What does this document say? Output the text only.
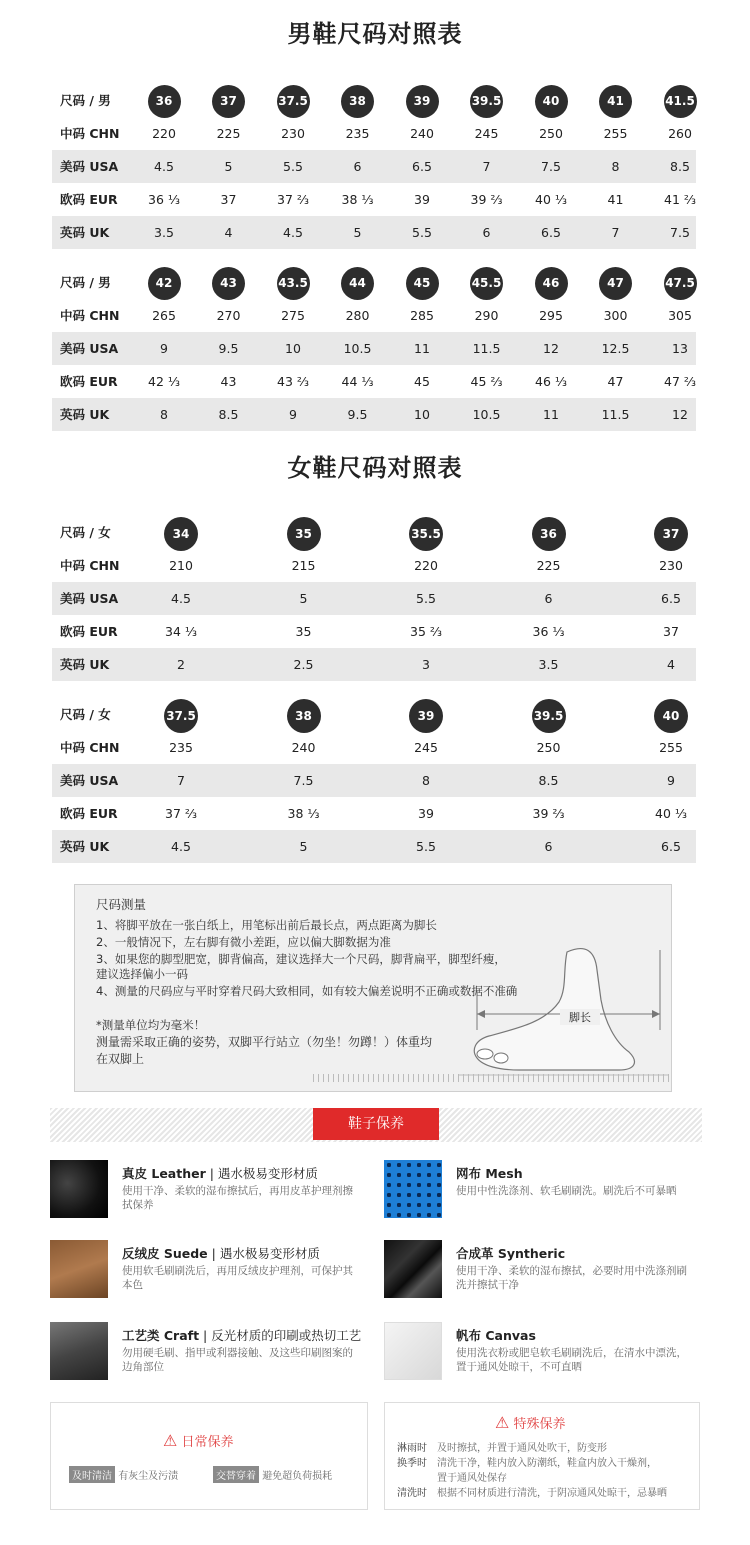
男鞋尺码对照表
尺码 / 男	36	37	37.5	38	39	39.5	40	41	41.5
中码 CHN	220	225	230	235	240	245	250	255	260
美码 USA	4.5	5	5.5	6	6.5	7	7.5	8	8.5
欧码 EUR	36 ⅓	37	37 ⅔	38 ⅓	39	39 ⅔	40 ⅓	41	41 ⅔
英码 UK	3.5	4	4.5	5	5.5	6	6.5	7	7.5
尺码 / 男	42	43	43.5	44	45	45.5	46	47	47.5
中码 CHN	265	270	275	280	285	290	295	300	305
美码 USA	9	9.5	10	10.5	11	11.5	12	12.5	13
欧码 EUR	42 ⅓	43	43 ⅔	44 ⅓	45	45 ⅔	46 ⅓	47	47 ⅔
英码 UK	8	8.5	9	9.5	10	10.5	11	11.5	12
女鞋尺码对照表
尺码 / 女	34	35	35.5	36	37
中码 CHN	210	215	220	225	230
美码 USA	4.5	5	5.5	6	6.5
欧码 EUR	34 ⅓	35	35 ⅔	36 ⅓	37
英码 UK	2	2.5	3	3.5	4
尺码 / 女	37.5	38	39	39.5	40
中码 CHN	235	240	245	250	255
美码 USA	7	7.5	8	8.5	9
欧码 EUR	37 ⅔	38 ⅓	39	39 ⅔	40 ⅓
英码 UK	4.5	5	5.5	6	6.5
尺码测量
1、将脚平放在一张白纸上，用笔标出前后最长点，两点距离为脚长
2、一般情况下，左右脚有微小差距，应以偏大脚数据为准
3、如果您的脚型肥宽，脚背偏高，建议选择大一个尺码，脚背扁平，脚型纤瘦，
建议选择偏小一码
4、测量的尺码应与平时穿着尺码大致相同，如有较大偏差说明不正确或数据不准确
*测量单位均为毫米！
测量需采取正确的姿势，双脚平行站立（勿坐！勿蹲！）体重均
在双脚上
脚长
鞋子保养
真皮 Leather | 遇水极易变形材质
使用干净、柔软的湿布擦拭后，再用皮革护理剂擦拭保养
网布 Mesh
使用中性洗涤剂、软毛刷刷洗。刷洗后不可暴晒
反绒皮 Suede | 遇水极易变形材质
使用软毛刷刷洗后，再用反绒皮护理剂，可保护其本色
合成革 Syntheric
使用干净、柔软的湿布擦拭，必要时用中洗涤剂刷洗并擦拭干净
工艺类 Craft | 反光材质的印刷或热切工艺
勿用硬毛刷、指甲或利器接触、及这些印刷图案的边角部位
帆布 Canvas
使用洗衣粉或肥皂软毛刷刷洗后，在清水中漂洗，置于通风处晾干，不可直晒
⚠ 日常保养
及时清洁 有灰尘及污渍	交替穿着 避免超负荷损耗
⚠ 特殊保养
淋雨时 及时擦拭，并置于通风处吹干，防变形
换季时 清洗干净，鞋内放入防潮纸，鞋盒内放入干燥剂，
置于通风处保存
清洗时 根据不同材质进行清洗，于阴凉通风处晾干，忌暴晒
